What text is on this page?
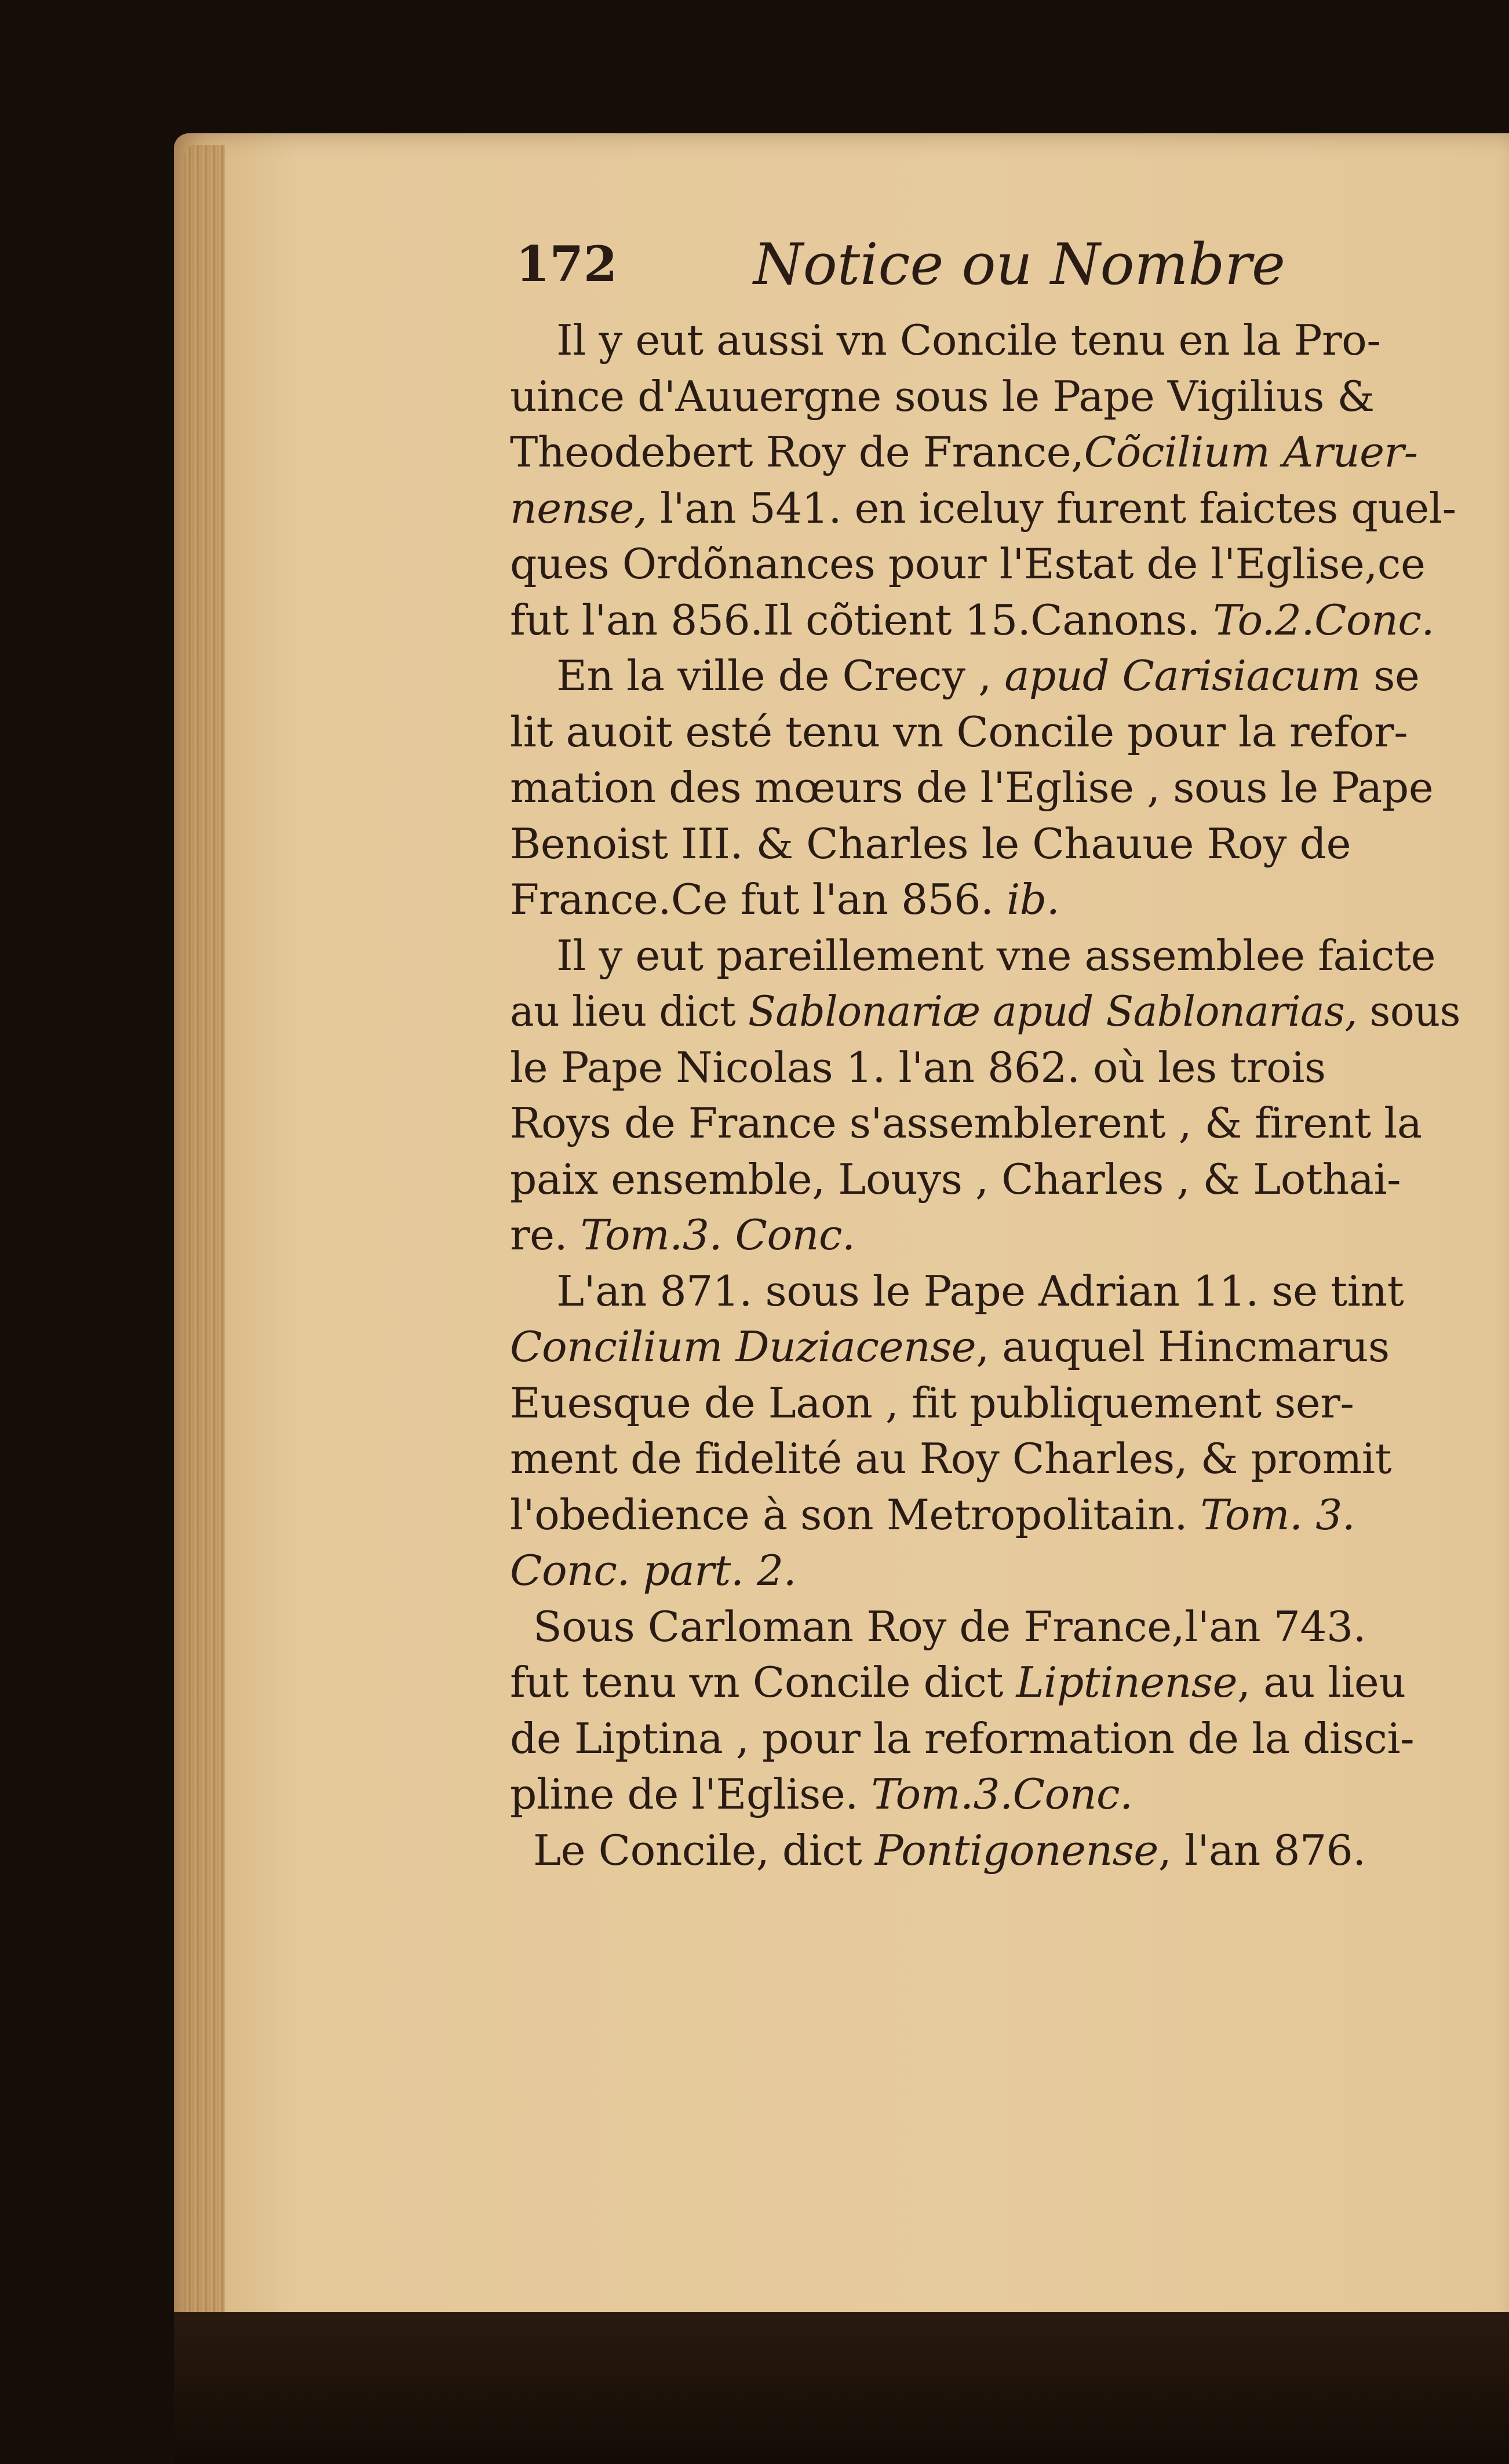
172 Notice ou Nombre
Il y eut aussi vn Concile tenu en la Pro-
uince d'Auuergne sous le Pape Vigilius &
Theodebert Roy de France,Cõcilium Aruer-
nense, l'an 541. en iceluy furent faictes quel-
ques Ordõnances pour l'Estat de l'Eglise,ce
fut l'an 856.Il cõtient 15.Canons. To.2.Conc.
En la ville de Crecy , apud Carisiacum se
lit auoit esté tenu vn Concile pour la refor-
mation des mœurs de l'Eglise , sous le Pape
Benoist III. & Charles le Chauue Roy de
France.Ce fut l'an 856. ib.
Il y eut pareillement vne assemblee faicte
au lieu dict Sablonariæ apud Sablonarias, sous
le Pape Nicolas 1. l'an 862. où les trois
Roys de France s'assemblerent , & firent la
paix ensemble, Louys , Charles , & Lothai-
re. Tom.3. Conc.
L'an 871. sous le Pape Adrian 11. se tint
Concilium Duziacense, auquel Hincmarus
Euesque de Laon , fit publiquement ser-
ment de fidelité au Roy Charles, & promit
l'obedience à son Metropolitain. Tom. 3.
Conc. part. 2.
Sous Carloman Roy de France,l'an 743.
fut tenu vn Concile dict Liptinense, au lieu
de Liptina , pour la reformation de la disci-
pline de l'Eglise. Tom.3.Conc.
Le Concile, dict Pontigonense, l'an 876.
